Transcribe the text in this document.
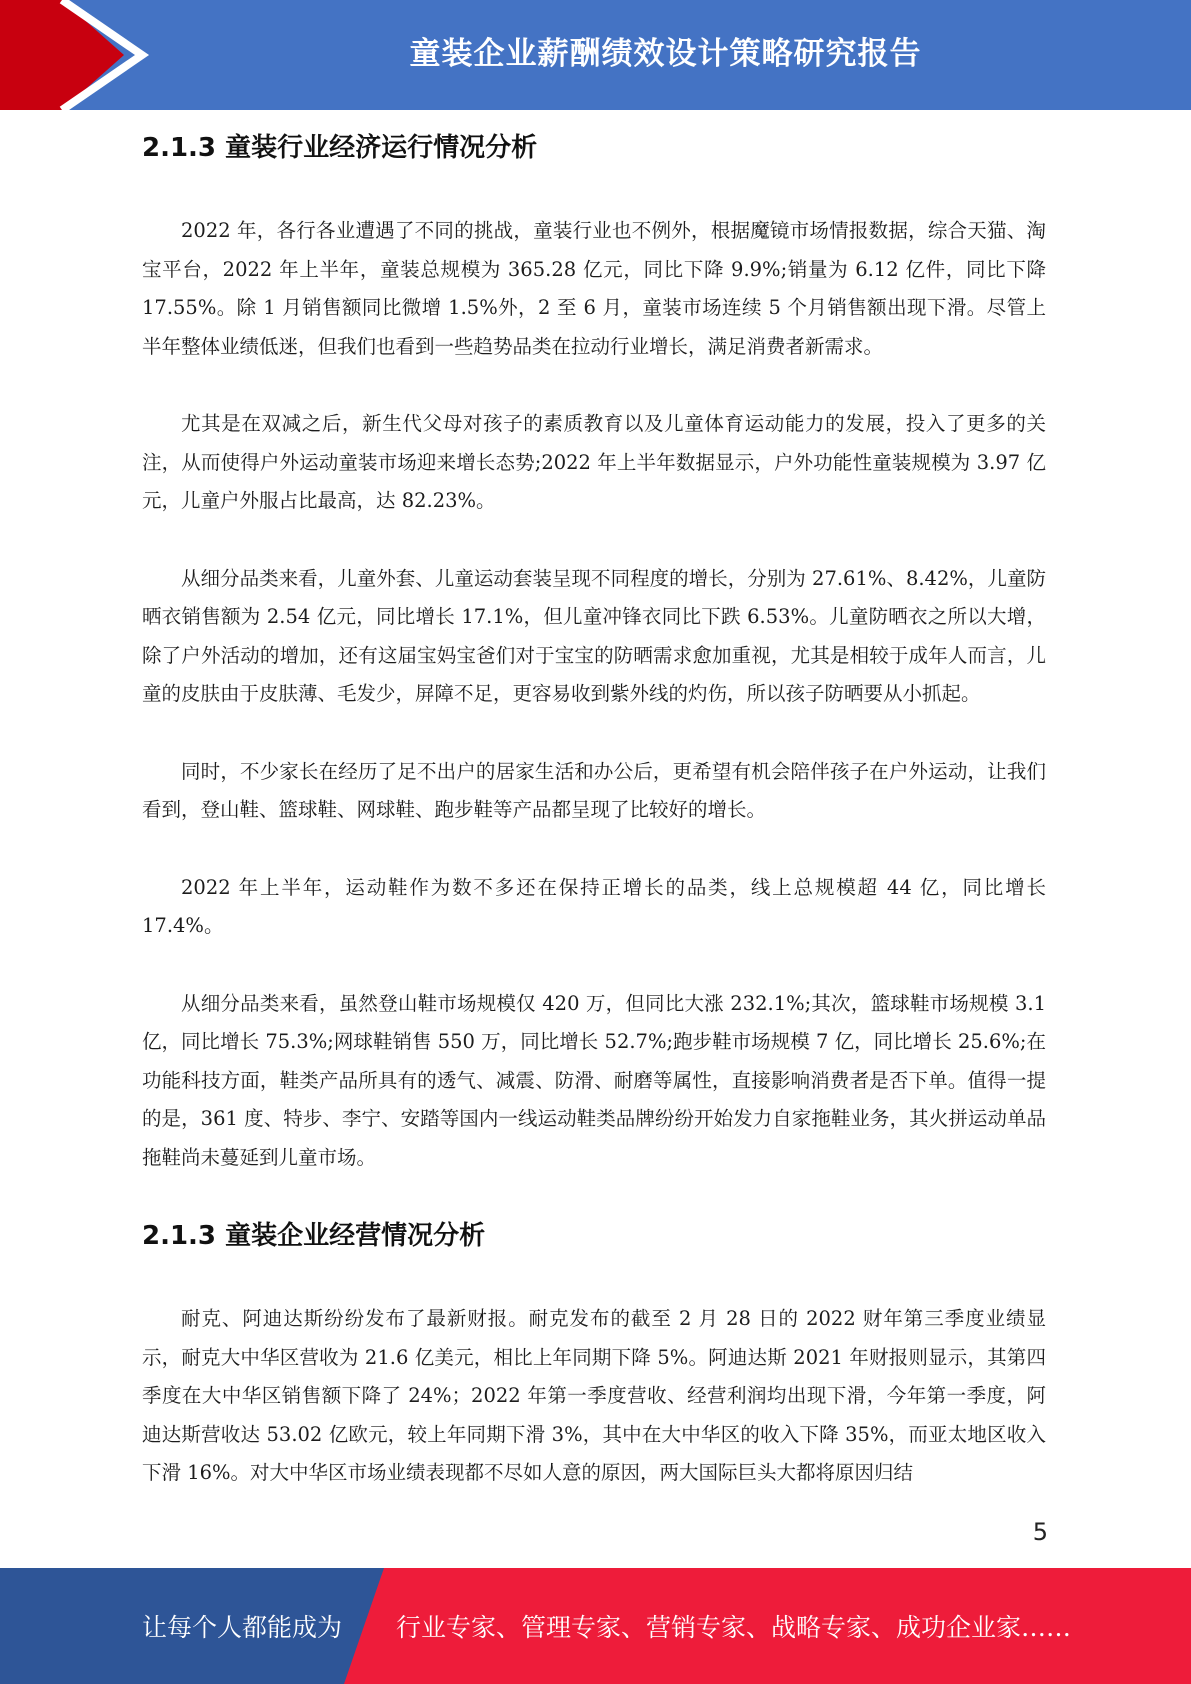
童装企业薪酬绩效设计策略研究报告
2.1.3 童装行业经济运行情况分析

2022 年，各行各业遭遇了不同的挑战，童装行业也不例外，根据魔镜市场情报数据，综合天猫、淘宝平台，2022 年上半年，童装总规模为 365.28 亿元，同比下降 9.9%;销量为 6.12 亿件，同比下降 17.55%。除 1 月销售额同比微增 1.5%外，2 至 6 月，童装市场连续 5 个月销售额出现下滑。尽管上半年整体业绩低迷，但我们也看到一些趋势品类在拉动行业增长，满足消费者新需求。

尤其是在双减之后，新生代父母对孩子的素质教育以及儿童体育运动能力的发展，投入了更多的关注，从而使得户外运动童装市场迎来增长态势;2022 年上半年数据显示，户外功能性童装规模为 3.97 亿元，儿童户外服占比最高，达 82.23%。

从细分品类来看，儿童外套、儿童运动套装呈现不同程度的增长，分别为 27.61%、8.42%，儿童防晒衣销售额为 2.54 亿元，同比增长 17.1%，但儿童冲锋衣同比下跌 6.53%。儿童防晒衣之所以大增，除了户外活动的增加，还有这届宝妈宝爸们对于宝宝的防晒需求愈加重视，尤其是相较于成年人而言，儿童的皮肤由于皮肤薄、毛发少，屏障不足，更容易收到紫外线的灼伤，所以孩子防晒要从小抓起。

同时，不少家长在经历了足不出户的居家生活和办公后，更希望有机会陪伴孩子在户外运动，让我们看到，登山鞋、篮球鞋、网球鞋、跑步鞋等产品都呈现了比较好的增长。

2022 年上半年，运动鞋作为数不多还在保持正增长的品类，线上总规模超 44 亿，同比增长 17.4%。

从细分品类来看，虽然登山鞋市场规模仅 420 万，但同比大涨 232.1%;其次，篮球鞋市场规模 3.1 亿，同比增长 75.3%;网球鞋销售 550 万，同比增长 52.7%;跑步鞋市场规模 7 亿，同比增长 25.6%;在功能科技方面，鞋类产品所具有的透气、减震、防滑、耐磨等属性，直接影响消费者是否下单。值得一提的是，361 度、特步、李宁、安踏等国内一线运动鞋类品牌纷纷开始发力自家拖鞋业务，其火拼运动单品拖鞋尚未蔓延到儿童市场。

2.1.3 童装企业经营情况分析

耐克、阿迪达斯纷纷发布了最新财报。耐克发布的截至 2 月 28 日的 2022 财年第三季度业绩显示，耐克大中华区营收为 21.6 亿美元，相比上年同期下降 5%。阿迪达斯 2021 年财报则显示，其第四季度在大中华区销售额下降了 24%；2022 年第一季度营收、经营利润均出现下滑，今年第一季度，阿迪达斯营收达 53.02 亿欧元，较上年同期下滑 3%，其中在大中华区的收入下降 35%，而亚太地区收入下滑 16%。对大中华区市场业绩表现都不尽如人意的原因，两大国际巨头大都将原因归结

5
让每个人都能成为 行业专家、管理专家、营销专家、战略专家、成功企业家……
